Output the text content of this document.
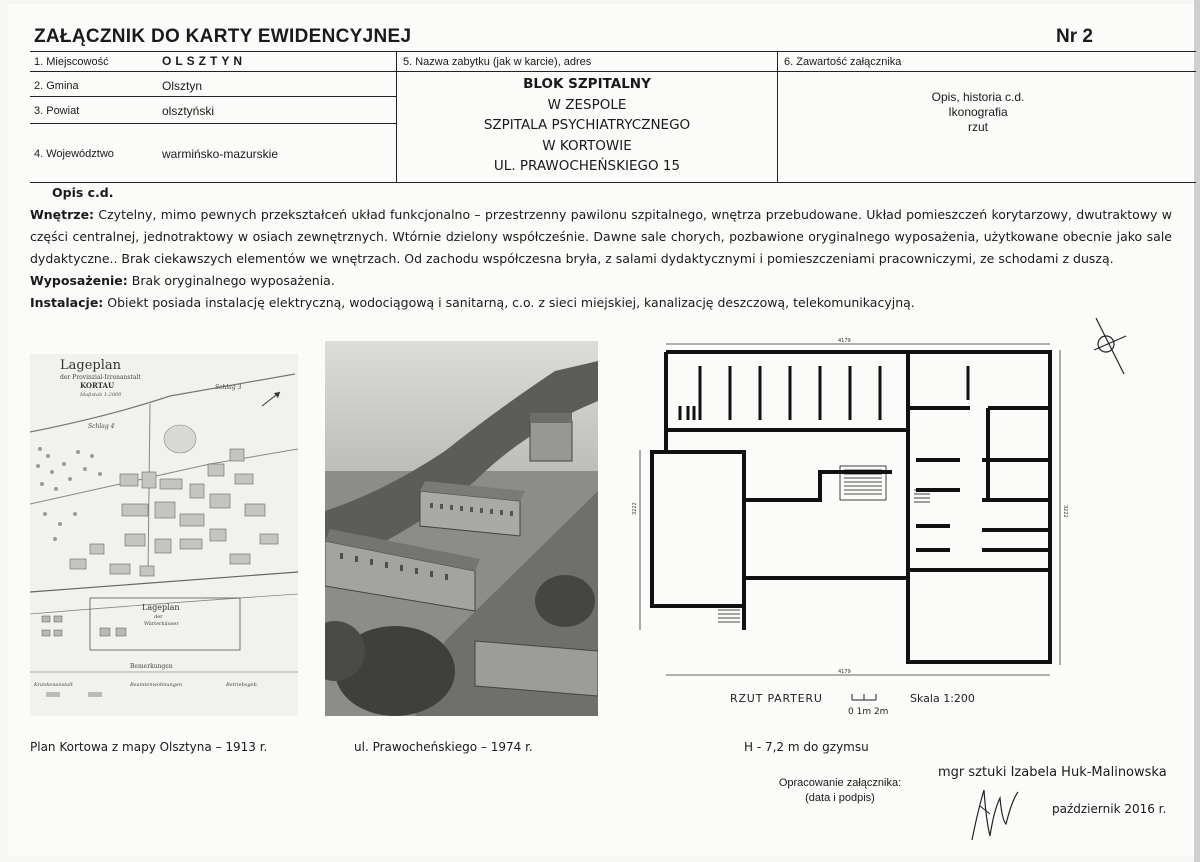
ZAŁĄCZNIK DO KARTY EWIDENCYJNEJ	Nr 2
1. Miejscowość	OLSZTYN
2. Gmina	Olsztyn
3. Powiat	olsztyński
4. Województwo	warmińsko-mazurskie
5. Nazwa zabytku (jak w karcie), adres
BLOK SZPITALNY
W ZESPOLE
SZPITALA PSYCHIATRYCZNEGO
W KORTOWIE
UL. PRAWOCHEŃSKIEGO 15
6. Zawartość załącznika
Opis, historia c.d.
Ikonografia
rzut
Opis c.d.

Wnętrze: Czytelny, mimo pewnych przekształceń układ funkcjonalno – przestrzenny pawilonu szpitalnego, wnętrza przebudowane. Układ pomieszczeń korytarzowy, dwutraktowy w części centralnej, jednotraktowy w osiach zewnętrznych. Wtórnie dzielony współcześnie. Dawne sale chorych, pozbawione oryginalnego wyposażenia, użytkowane obecnie jako sale dydaktyczne.. Brak ciekawszych elementów we wnętrzach. Od zachodu współczesna bryła, z salami dydaktycznymi i pomieszczeniami pracowniczymi, ze schodami z duszą.

Wyposażenie: Brak oryginalnego wyposażenia.

Instalacje: Obiekt posiada instalację elektryczną, wodociągową i sanitarną, c.o. z sieci miejskiej, kanalizację deszczową, telekomunikacyjną.

Lageplan
der Provinzial-Irrenanstalt
KORTAU
Maßstab 1:2000
Schlag 3
Schlag 4
Lageplan
der
Wärterhäuser
Bemerkungen
Krankenanstalt	Beamtenwohnungen	Betriebsgeb.
4179
4179
3222	3222
RZUT PARTERU
0 1m 2m
Skala 1:200
Plan Kortowa z mapy Olsztyna – 1913 r.	ul. Prawocheńskiego – 1974 r.	H - 7,2 m do gzymsu
Opracowanie załącznika:
(data i podpis)
mgr sztuki Izabela Huk-Malinowska
październik 2016 r.
